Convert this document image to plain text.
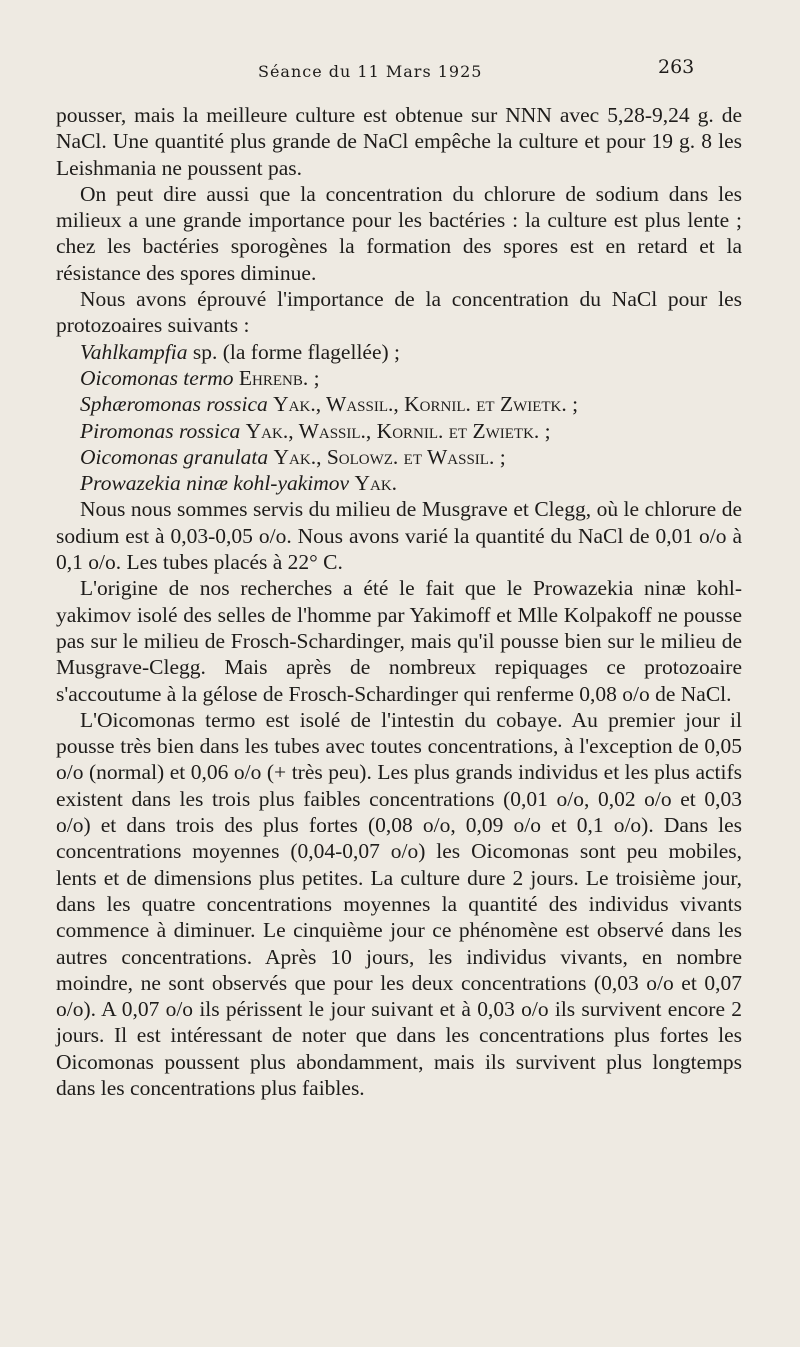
Séance du 11 Mars 1925	263

pousser, mais la meilleure culture est obtenue sur NNN avec 5,28-9,24 g. de NaCl. Une quantité plus grande de NaCl empêche la culture et pour 19 g. 8 les Leishmania ne poussent pas.

On peut dire aussi que la concentration du chlorure de sodium dans les milieux a une grande importance pour les bactéries : la culture est plus lente ; chez les bactéries sporogènes la formation des spores est en retard et la résistance des spores diminue.

Nous avons éprouvé l'importance de la concentration du NaCl pour les protozoaires suivants :

Vahlkampfia sp. (la forme flagellée) ;

Oicomonas termo Ehrenb. ;

Sphæromonas rossica Yak., Wassil., Kornil. et Zwietk. ;

Piromonas rossica Yak., Wassil., Kornil. et Zwietk. ;

Oicomonas granulata Yak., Solowz. et Wassil. ;

Prowazekia ninæ kohl-yakimov Yak.

Nous nous sommes servis du milieu de Musgrave et Clegg, où le chlorure de sodium est à 0,03-0,05 o/o. Nous avons varié la quantité du NaCl de 0,01 o/o à 0,1 o/o. Les tubes placés à 22° C.

L'origine de nos recherches a été le fait que le Prowazekia ninæ kohl-yakimov isolé des selles de l'homme par Yakimoff et Mlle Kolpakoff ne pousse pas sur le milieu de Frosch-Schardinger, mais qu'il pousse bien sur le milieu de Musgrave-Clegg. Mais après de nombreux repiquages ce protozoaire s'accoutume à la gélose de Frosch-Schardinger qui renferme 0,08 o/o de NaCl.

L'Oicomonas termo est isolé de l'intestin du cobaye. Au premier jour il pousse très bien dans les tubes avec toutes concentrations, à l'exception de 0,05 o/o (normal) et 0,06 o/o (+ très peu). Les plus grands individus et les plus actifs existent dans les trois plus faibles concentrations (0,01 o/o, 0,02 o/o et 0,03 o/o) et dans trois des plus fortes (0,08 o/o, 0,09 o/o et 0,1 o/o). Dans les concentrations moyennes (0,04-0,07 o/o) les Oicomonas sont peu mobiles, lents et de dimensions plus petites. La culture dure 2 jours. Le troisième jour, dans les quatre concentrations moyennes la quantité des individus vivants commence à diminuer. Le cinquième jour ce phénomène est observé dans les autres concentrations. Après 10 jours, les individus vivants, en nombre moindre, ne sont observés que pour les deux concentrations (0,03 o/o et 0,07 o/o). A 0,07 o/o ils périssent le jour suivant et à 0,03 o/o ils survivent encore 2 jours. Il est intéressant de noter que dans les concentrations plus fortes les Oicomonas poussent plus abondamment, mais ils survivent plus longtemps dans les concentrations plus faibles.
